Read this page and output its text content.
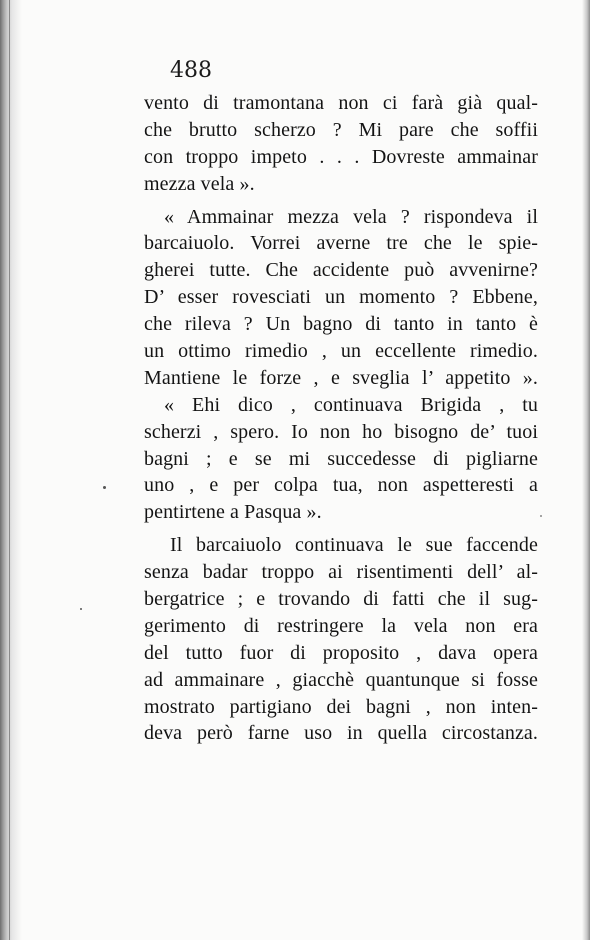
488
vento di tramontana non ci farà già qual-
che brutto scherzo ? Mi pare che soffii
con troppo impeto . . . Dovreste ammainar
mezza vela ».
« Ammainar mezza vela ? rispondeva il
barcaiuolo. Vorrei averne tre che le spie-
gherei tutte. Che accidente può avvenirne?
D’ esser rovesciati un momento ? Ebbene,
che rileva ? Un bagno di tanto in tanto è
un ottimo rimedio , un eccellente rimedio.
Mantiene le forze , e sveglia l’ appetito ».
« Ehi dico , continuava Brigida , tu
scherzi , spero. Io non ho bisogno de’ tuoi
bagni ; e se mi succedesse di pigliarne
uno , e per colpa tua, non aspetteresti a
pentirtene a Pasqua ».
Il barcaiuolo continuava le sue faccende
senza badar troppo ai risentimenti dell’ al-
bergatrice ; e trovando di fatti che il sug-
gerimento di restringere la vela non era
del tutto fuor di proposito , dava opera
ad ammainare , giacchè quantunque si fosse
mostrato partigiano dei bagni , non inten-
deva però farne uso in quella circostanza.
